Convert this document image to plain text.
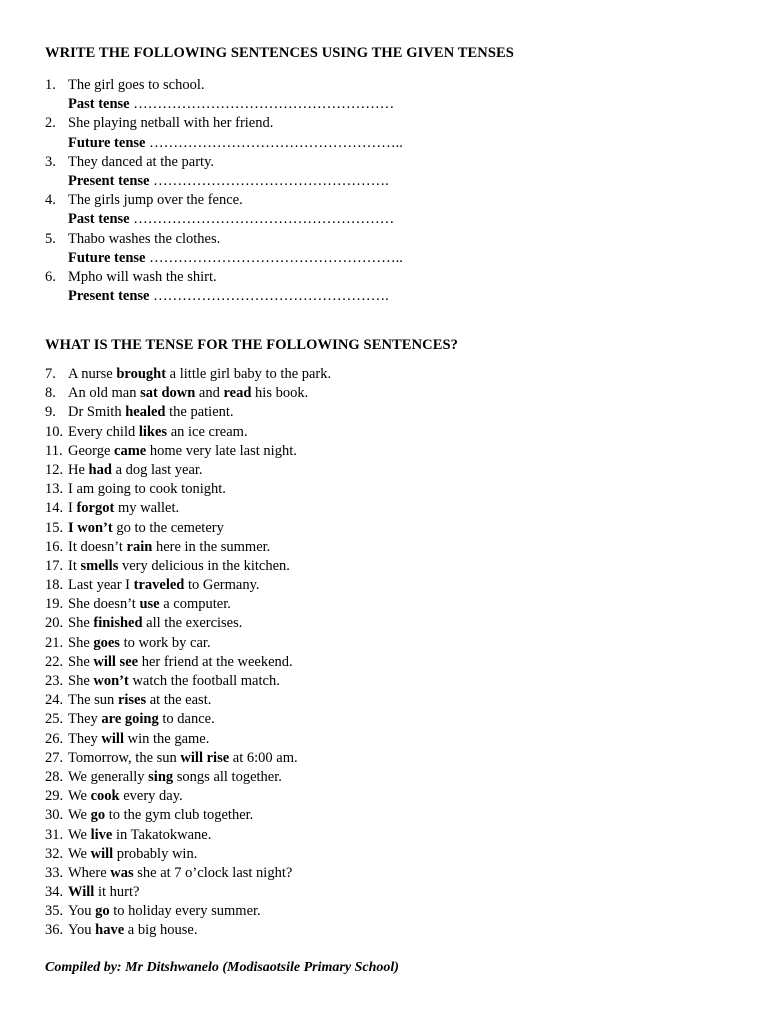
WRITE THE FOLLOWING SENTENCES USING THE GIVEN TENSES
1. The girl goes to school.
Past tense ………………………………………………
2. She playing netball with her friend.
Future tense ……………………………………………..
3. They danced at the party.
Present tense ………………………………………….
4. The girls jump over the fence.
Past tense ………………………………………………
5. Thabo washes the clothes.
Future tense ……………………………………………..
6. Mpho will wash the shirt.
Present tense ………………………………………….
WHAT IS THE TENSE FOR THE FOLLOWING SENTENCES?
7. A nurse brought a little girl baby to the park.
8. An old man sat down and read his book.
9. Dr Smith healed the patient.
10. Every child likes an ice cream.
11. George came home very late last night.
12. He had a dog last year.
13. I am going to cook tonight.
14. I forgot my wallet.
15. I won’t go to the cemetery
16. It doesn’t rain here in the summer.
17. It smells very delicious in the kitchen.
18. Last year I traveled to Germany.
19. She doesn’t use a computer.
20. She finished all the exercises.
21. She goes to work by car.
22. She will see her friend at the weekend.
23. She won’t watch the football match.
24. The sun rises at the east.
25. They are going to dance.
26. They will win the game.
27. Tomorrow, the sun will rise at 6:00 am.
28. We generally sing songs all together.
29. We cook every day.
30. We go to the gym club together.
31. We live in Takatokwane.
32. We will probably win.
33. Where was she at 7 o’clock last night?
34. Will it hurt?
35. You go to holiday every summer.
36. You have a big house.
Compiled by: Mr Ditshwanelo (Modisaotsile Primary School)
